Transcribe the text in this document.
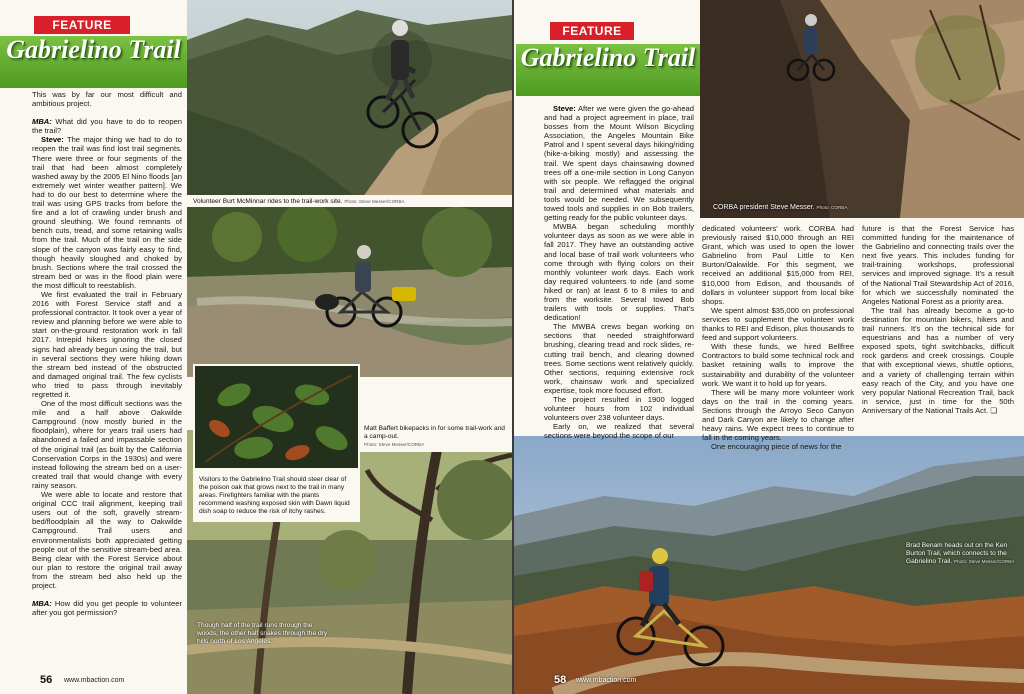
Volunteer Burt McMinnar rides to the trail-work site. Photo: Steve Messer/CORBA
Matt Baffert bikepacks in for some trail-work and a camp-out.
Photo: Steve Messer/CORBA
Visitors to the Gabrielino Trail should steer clear of the poison oak that grows next to the trail in many areas. Firefighters familiar with the plants recommend washing exposed skin with Dawn liquid dish soap to reduce the risk of itchy rashes.
Though half of the trail runs through the woods, the other half snakes through the dry hills north of Los Angeles.
FEATURE
Gabrielino Trail

This was by far our most difficult and ambitious project.

MBA: What did you have to do to reopen the trail?

Steve: The major thing we had to do to reopen the trail was find lost trail segments. There were three or four segments of the trail that had been almost completely washed away by the 2005 El Nino floods [an extremely wet winter weather pattern]. We had to do our best to determine where the trail was using GPS tracks from before the fire and a lot of crawling under brush and ground sleuthing. We found remnants of bench cuts, tread, and some retaining walls from the trail. Much of the trail on the side slope of the canyon was fairly easy to find, though heavily sloughed and choked by brush. Sections where the trail crossed the stream bed or was in the flood plain were the most difficult to reestablish.

We first evaluated the trail in February 2016 with Forest Service staff and a professional contractor. It took over a year of review and planning before we were able to start on-the-ground restoration work in fall 2017. Intrepid hikers ignoring the closed signs had already begun using the trail, but in several sections they were hiking down the stream bed instead of the obstructed and damaged original trail. The few cyclists who tried to pass through inevitably regretted it.

One of the most difficult sections was the mile and a half above Oakwilde Campground (now mostly buried in the floodplain), where for years trail users had abandoned a failed and impassable section of the original trail (as built by the California Conservation Corps in the 1930s) and were instead following the stream bed on a user-created trail that would change with every rainy season.

We were able to locate and restore that original CCC trail alignment, keeping trail users out of the soft, gravelly stream-bed/floodplain all the way to Oakwilde Campground. Trail users and environmentalists both appreciated getting people out of the sensitive stream-bed area. Being clear with the Forest Service about our plan to restore the original trail away from the stream bed also held up the project.

MBA: How did you get people to volunteer after you got permission?

56 www.mbaction.com
CORBA president Steve Messer. Photo: CORBA
Brad Benam heads out on the Ken Burton Trail, which connects to the Gabrielino Trail. Photo: Steve Messer/CORBA
FEATURE
Gabrielino Trail

Steve: After we were given the go-ahead and had a project agreement in place, trail bosses from the Mount Wilson Bicycling Association, the Angeles Mountain Bike Patrol and I spent several days hiking/riding (hike-a-biking mostly) and assessing the trail. We spent days chainsawing downed trees off a one-mile section in Long Canyon with six people. We reflagged the original trail and determined what materials and tools would be needed. We subsequently towed tools and supplies in on Bob trailers, getting ready for the public volunteer days.

MWBA began scheduling monthly volunteer days as soon as we were able in fall 2017. They have an outstanding active and local base of trail work volunteers who come through with flying colors on their monthly volunteer work days. Each work day required volunteers to ride (and some hiked or ran) at least 6 to 8 miles to and from the worksite. Several towed Bob trailers with tools or supplies. That's dedication!

The MWBA crews began working on sections that needed straightforward brushing, clearing tread and rock slides, re-cutting trail bench, and clearing downed trees. Some sections went relatively quickly. Other sections, requiring extensive rock work, chainsaw work and specialized expertise, took more focused effort.

The project resulted in 1900 logged volunteer hours from 102 individual volunteers over 238 volunteer days.

Early on, we realized that several sections were beyond the scope of our

dedicated volunteers' work. CORBA had previously raised $10,000 through an REI Grant, which was used to open the lower Gabrielino from Paul Little to Ken Burton/Oakwilde. For this segment, we received an additional $15,000 from REI, $10,000 from Edison, and thousands of dollars in volunteer support from local bike shops.

We spent almost $35,000 on professional services to supplement the volunteer work thanks to REI and Edison, plus thousands to feed and support volunteers.

With these funds, we hired Bellfree Contractors to build some technical rock and basket retaining walls to improve the sustainability and durability of the volunteer work. We want it to hold up for years.

There will be many more volunteer work days on the trail in the coming years. Sections through the Arroyo Seco Canyon and Dark Canyon are likely to change after heavy rains. We expect trees to continue to fall in the coming years.

One encouraging piece of news for the

future is that the Forest Service has committed funding for the maintenance of the Gabrielino and connecting trails over the next five years. This includes funding for trail-training workshops, professional services and improved signage. It's a result of the National Trail Stewardship Act of 2016, for which we successfully nominated the Angeles National Forest as a priority area.

The trail has already become a go-to destination for mountain bikers, hikers and trail runners. It's on the technical side for equestrians and has a number of very exposed spots, tight switchbacks, difficult rock gardens and creek crossings. Couple that with exceptional views, shuttle options, and a variety of challenging terrain within easy reach of the City, and you have one very popular National Recreation Trail, back in service, just in time for the 50th Anniversary of the National Trails Act. ❏

58 www.mbaction.com
